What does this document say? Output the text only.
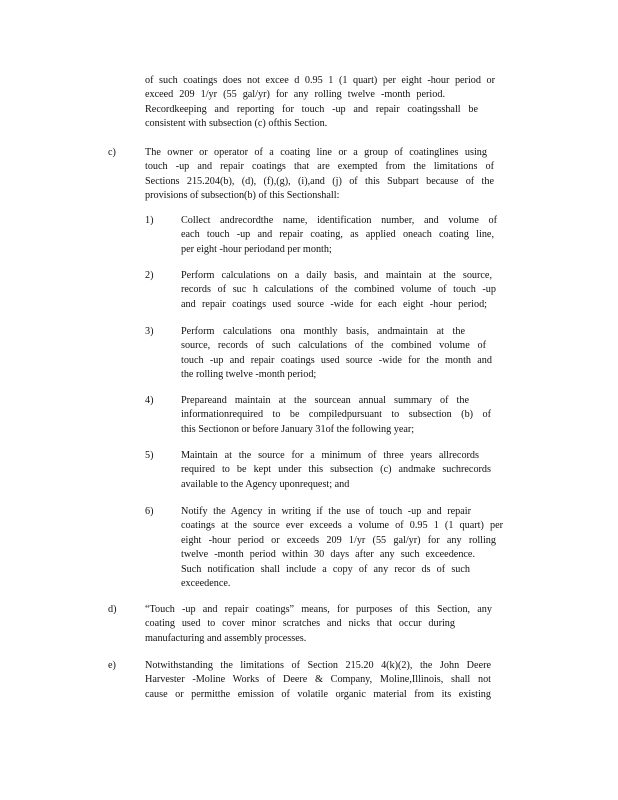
of such coatings does not excee d 0.95 1 (1 quart) per eight -hour period or
exceed 209 1/yr (55 gal/yr) for any rolling twelve -month period.
Recordkeeping and reporting for touch -up and repair coatingsshall be
consistent with subsection (c) ofthis Section.
c)	The owner or operator of a coating line or a group of coatinglines using
touch -up and repair coatings that are exempted from the limitations of
Sections 215.204(b), (d), (f),(g), (i),and (j) of this Subpart because of the
provisions of subsection(b) of this Sectionshall:
1)	Collect andrecordthe name, identification number, and volume of
each touch -up and repair coating, as applied oneach coating line,
per eight -hour periodand per month;
2)	Perform calculations on a daily basis, and maintain at the source,
records of suc h calculations of the combined volume of touch -up
and repair coatings used source -wide for each eight -hour period;
3)	Perform calculations ona monthly basis, andmaintain at the
source, records of such calculations of the combined volume of
touch -up and repair coatings used source -wide for the month and
the rolling twelve -month period;
4)	Prepareand maintain at the sourcean annual summary of the
informationrequired to be compiledpursuant to subsection (b) of
this Sectionon or before January 31of the following year;
5)	Maintain at the source for a minimum of three years allrecords
required to be kept under this subsection (c) andmake suchrecords
available to the Agency uponrequest; and
6)	Notify the Agency in writing if the use of touch -up and repair
coatings at the source ever exceeds a volume of 0.95 1 (1 quart) per
eight -hour period or exceeds 209 1/yr (55 gal/yr) for any rolling
twelve -month period within 30 days after any such exceedence.
Such notification shall include a copy of any recor ds of such
exceedence.
d)	“Touch -up and repair coatings” means, for purposes of this Section, any
coating used to cover minor scratches and nicks that occur during
manufacturing and assembly processes.
e)	Notwithstanding the limitations of Section 215.20 4(k)(2), the John Deere
Harvester -Moline Works of Deere & Company, Moline,Illinois, shall not
cause or permitthe emission of volatile organic material from its existing
